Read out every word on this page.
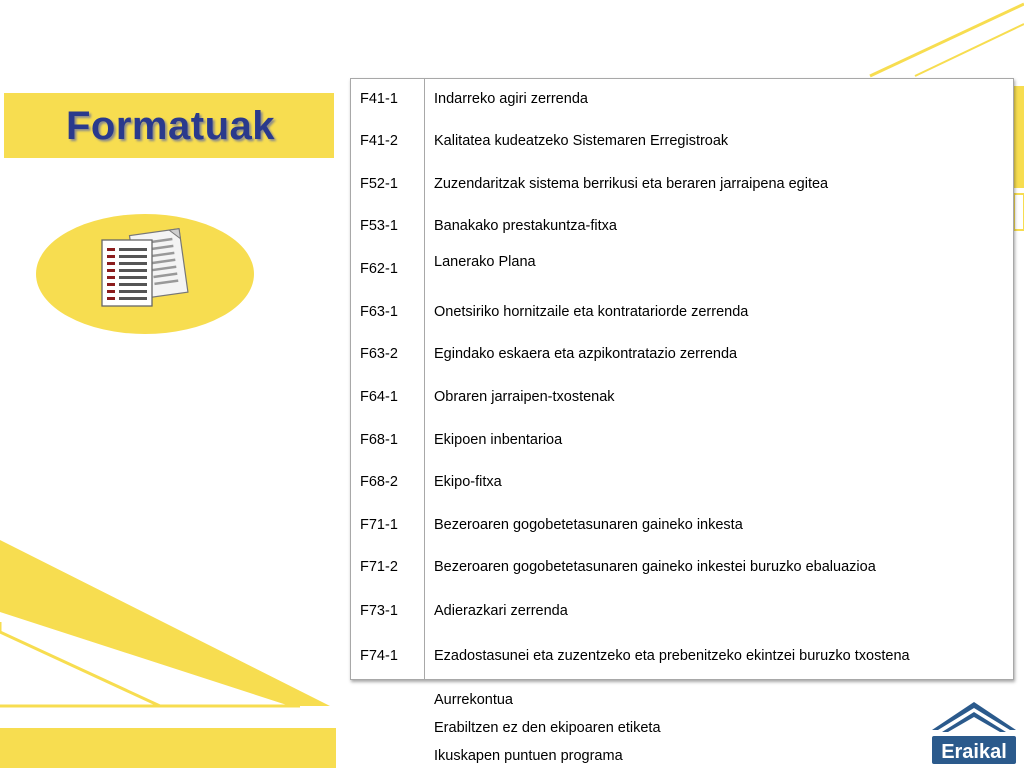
Formatuak
F41-1 Indarreko agiri zerrenda
F41-2 Kalitatea kudeatzeko Sistemaren Erregistroak
F52-1 Zuzendaritzak sistema berrikusi eta beraren jarraipena egitea
F53-1 Banakako prestakuntza-fitxa
F62-1 Lanerako Plana
F63-1 Onetsiriko hornitzaile eta kontratariorde zerrenda
F63-2 Egindako eskaera eta azpikontratazio zerrenda
F64-1 Obraren jarraipen-txostenak
F68-1 Ekipoen inbentarioa
F68-2 Ekipo-fitxa
F71-1 Bezeroaren gogobetetasunaren gaineko inkesta
F71-2 Bezeroaren gogobetetasunaren gaineko inkestei buruzko ebaluazioa
F73-1 Adierazkari zerrenda
F74-1 Ezadostasunei eta zuzentzeko eta prebenitzeko ekintzei buruzko txostena
Aurrekontua
Erabiltzen ez den ekipoaren etiketa
Ikuskapen puntuen programa	Eraikal
